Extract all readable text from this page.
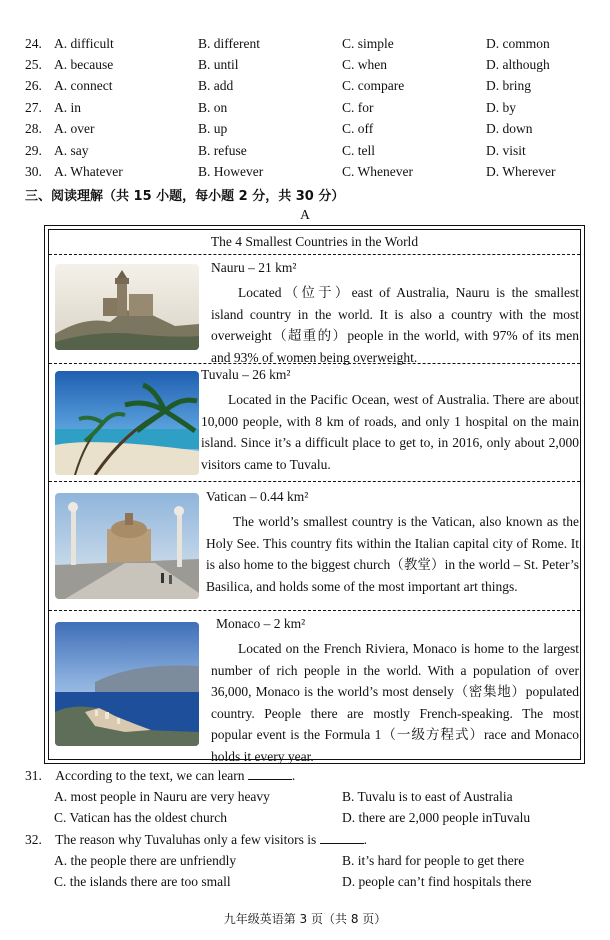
24. A. difficult	B. different	C. simple	D. common
25. A. because	B. until	C. when	D. although
26. A. connect	B. add	C. compare	D. bring
27. A. in	B. on	C. for	D. by
28. A. over	B. up	C. off	D. down
29. A. say	B. refuse	C. tell	D. visit
30. A. Whatever	B. However	C. Whenever	D. Wherever
三、阅读理解（共 15 小题，每小题 2 分，共 30 分）
A
The 4 Smallest Countries in the World
Nauru – 21 km²
Located（位于）east of Australia, Nauru is the smallest island country in the world. It is also a country with the most overweight（超重的）people in the world, with 97% of its men and 93% of women being overweight.
Tuvalu – 26 km²
Located in the Pacific Ocean, west of Australia. There are about 10,000 people, with 8 km of roads, and only 1 hospital on the main island. Since it’s a difficult place to get to, in 2016, only about 2,000 visitors came to Tuvalu.
Vatican – 0.44 km²
The world’s smallest country is the Vatican, also known as the Holy See. This country fits within the Italian capital city of Rome. It is also home to the biggest church（教堂）in the world – St. Peter’s Basilica, and holds some of the most important art things.
Monaco – 2 km²
Located on the French Riviera, Monaco is home to the largest number of rich people in the world. With a population of over 36,000, Monaco is the world’s most densely（密集地）populated country. People there are mostly French-speaking. The most popular event is the Formula 1（一级方程式）race and Monaco holds it every year.
31. According to the text, we can learn	.
A. most people in Nauru are very heavy	B. Tuvalu is to east of Australia
C. Vatican has the oldest church	D. there are 2,000 people inTuvalu
32. The reason why Tuvaluhas only a few visitors is	.
A. the people there are unfriendly	B. it’s hard for people to get there
C. the islands there are too small	D. people can’t find hospitals there
九年级英语第 3 页（共 8 页）
